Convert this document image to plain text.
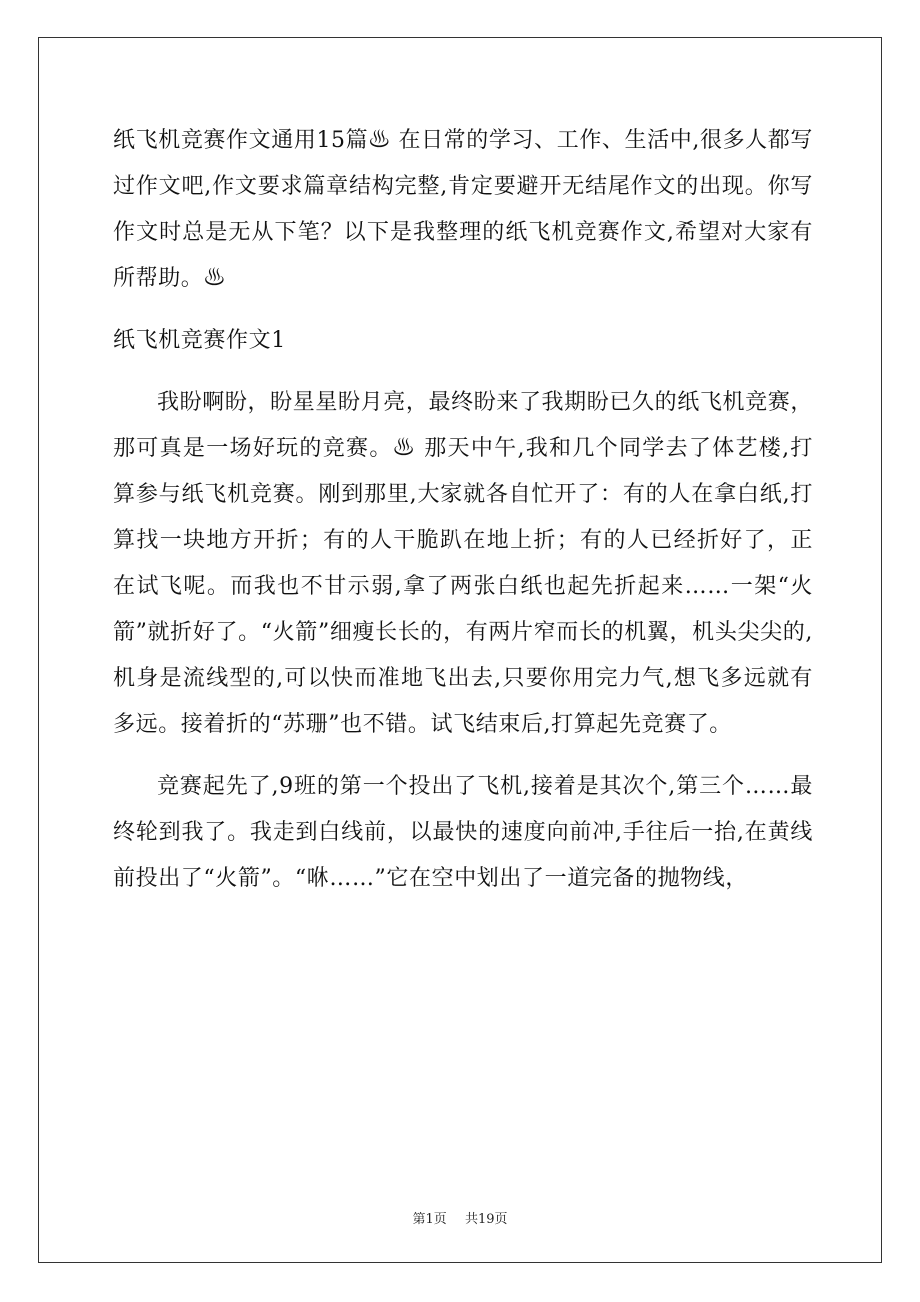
纸飞机竞赛作文通用15篇♨ 在日常的学习、工作、生活中,很多人都写过作文吧,作文要求篇章结构完整,肯定要避开无结尾作文的出现。你写作文时总是无从下笔？以下是我整理的纸飞机竞赛作文,希望对大家有所帮助。♨

纸飞机竞赛作文1

我盼啊盼，盼星星盼月亮，最终盼来了我期盼已久的纸飞机竞赛，那可真是一场好玩的竞赛。♨ 那天中午,我和几个同学去了体艺楼,打算参与纸飞机竞赛。刚到那里,大家就各自忙开了：有的人在拿白纸,打算找一块地方开折；有的人干脆趴在地上折；有的人已经折好了，正在试飞呢。而我也不甘示弱,拿了两张白纸也起先折起来……一架“火箭”就折好了。“火箭”细瘦长长的，有两片窄而长的机翼，机头尖尖的,机身是流线型的,可以快而准地飞出去,只要你用完力气,想飞多远就有多远。接着折的“苏珊”也不错。试飞结束后,打算起先竞赛了。

竞赛起先了,9班的第一个投出了飞机,接着是其次个,第三个……最终轮到我了。我走到白线前，以最快的速度向前冲,手往后一抬,在黄线前投出了“火箭”。“咻……”它在空中划出了一道完备的抛物线，

第1页 共19页
